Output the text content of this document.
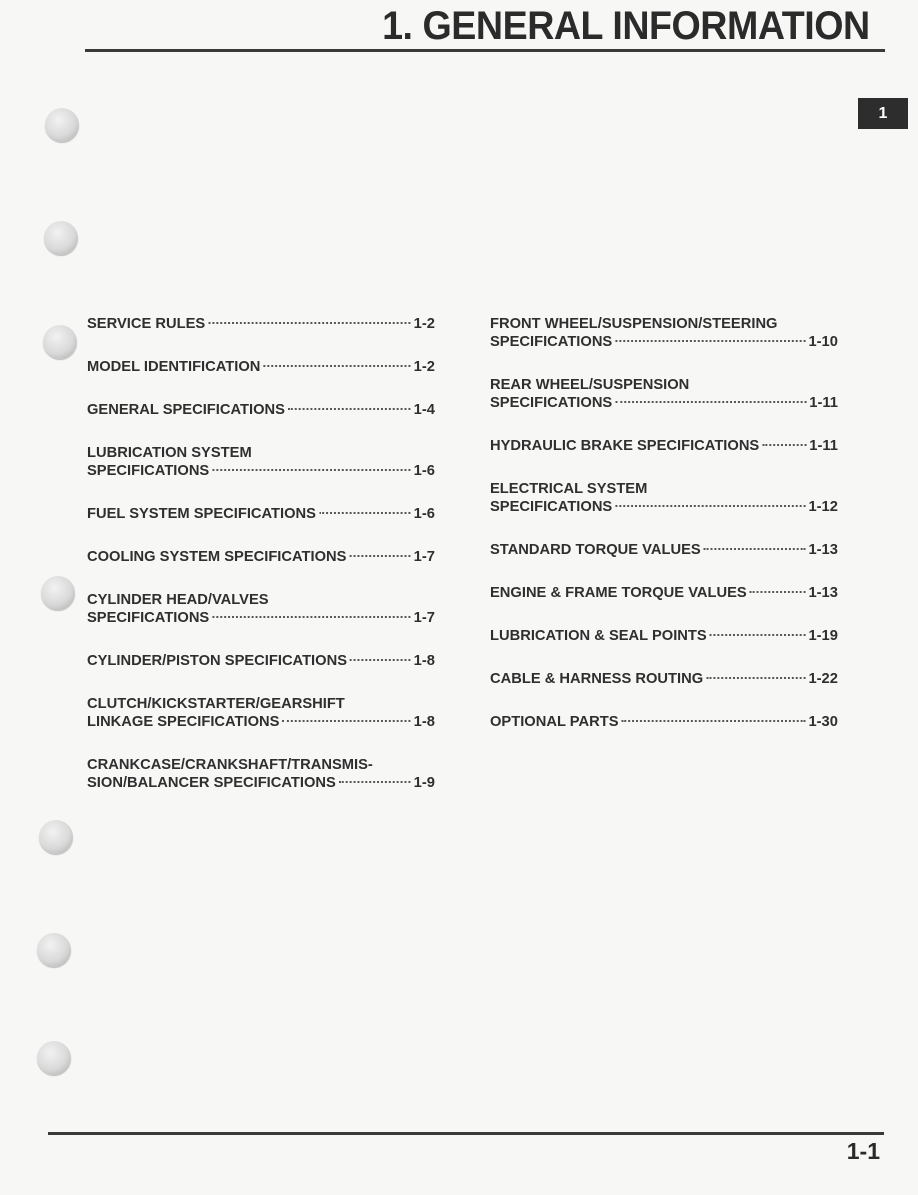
1. GENERAL INFORMATION
1
SERVICE RULES	1-2
MODEL IDENTIFICATION	1-2
GENERAL SPECIFICATIONS	1-4
LUBRICATION SYSTEM
SPECIFICATIONS	1-6
FUEL SYSTEM SPECIFICATIONS	1-6
COOLING SYSTEM SPECIFICATIONS	1-7
CYLINDER HEAD/VALVES
SPECIFICATIONS	1-7
CYLINDER/PISTON SPECIFICATIONS	1-8
CLUTCH/KICKSTARTER/GEARSHIFT
LINKAGE SPECIFICATIONS	1-8
CRANKCASE/CRANKSHAFT/TRANSMIS-
SION/BALANCER SPECIFICATIONS	1-9
FRONT WHEEL/SUSPENSION/STEERING
SPECIFICATIONS	1-10
REAR WHEEL/SUSPENSION
SPECIFICATIONS	1-11
HYDRAULIC BRAKE SPECIFICATIONS	1-11
ELECTRICAL SYSTEM
SPECIFICATIONS	1-12
STANDARD TORQUE VALUES	1-13
ENGINE & FRAME TORQUE VALUES	1-13
LUBRICATION & SEAL POINTS	1-19
CABLE & HARNESS ROUTING	1-22
OPTIONAL PARTS	1-30
1-1
